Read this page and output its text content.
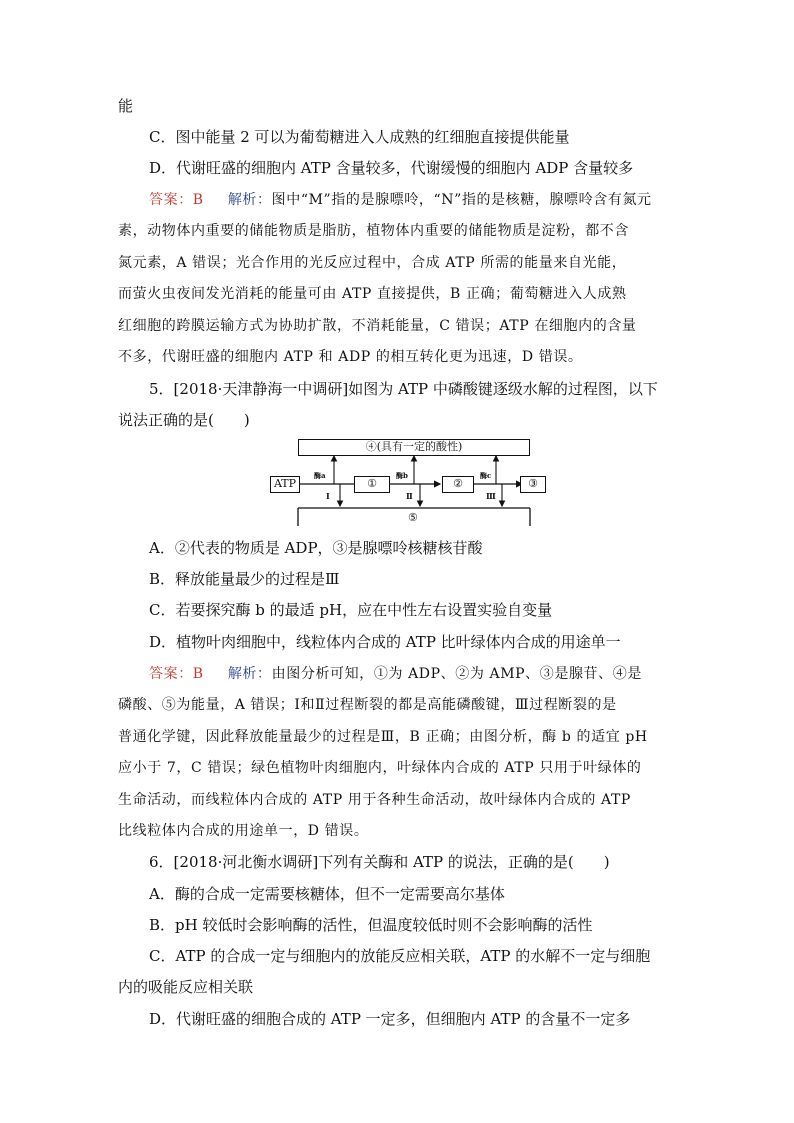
能
C．图中能量 2 可以为葡萄糖进入人成熟的红细胞直接提供能量
D．代谢旺盛的细胞内 ATP 含量较多，代谢缓慢的细胞内 ADP 含量较多
答案：B 解析：图中“M”指的是腺嘌呤，“N”指的是核糖，腺嘌呤含有氮元
素，动物体内重要的储能物质是脂肪，植物体内重要的储能物质是淀粉，都不含
氮元素，A 错误；光合作用的光反应过程中，合成 ATP 所需的能量来自光能，
而萤火虫夜间发光消耗的能量可由 ATP 直接提供，B 正确；葡萄糖进入人成熟
红细胞的跨膜运输方式为协助扩散，不消耗能量，C 错误；ATP 在细胞内的含量
不多，代谢旺盛的细胞内 ATP 和 ADP 的相互转化更为迅速，D 错误。
5．[2018·天津静海一中调研]如图为 ATP 中磷酸键逐级水解的过程图，以下
说法正确的是(　　)
④(具有一定的酸性)
ATP	①	②
酶a	酶b	酶c
Ⅰ	Ⅱ	Ⅲ
⑤
③
A．②代表的物质是 ADP，③是腺嘌呤核糖核苷酸
B．释放能量最少的过程是Ⅲ
C．若要探究酶 b 的最适 pH，应在中性左右设置实验自变量
D．植物叶肉细胞中，线粒体内合成的 ATP 比叶绿体内合成的用途单一
答案：B 解析：由图分析可知，①为 ADP、②为 AMP、③是腺苷、④是
磷酸、⑤为能量，A 错误；Ⅰ和Ⅱ过程断裂的都是高能磷酸键，Ⅲ过程断裂的是
普通化学键，因此释放能量最少的过程是Ⅲ，B 正确；由图分析，酶 b 的适宜 pH
应小于 7，C 错误；绿色植物叶肉细胞内，叶绿体内合成的 ATP 只用于叶绿体的
生命活动，而线粒体内合成的 ATP 用于各种生命活动，故叶绿体内合成的 ATP
比线粒体内合成的用途单一，D 错误。
6．[2018·河北衡水调研]下列有关酶和 ATP 的说法，正确的是(　　)
A．酶的合成一定需要核糖体，但不一定需要高尔基体
B．pH 较低时会影响酶的活性，但温度较低时则不会影响酶的活性
C．ATP 的合成一定与细胞内的放能反应相关联，ATP 的水解不一定与细胞
内的吸能反应相关联
D．代谢旺盛的细胞合成的 ATP 一定多，但细胞内 ATP 的含量不一定多
